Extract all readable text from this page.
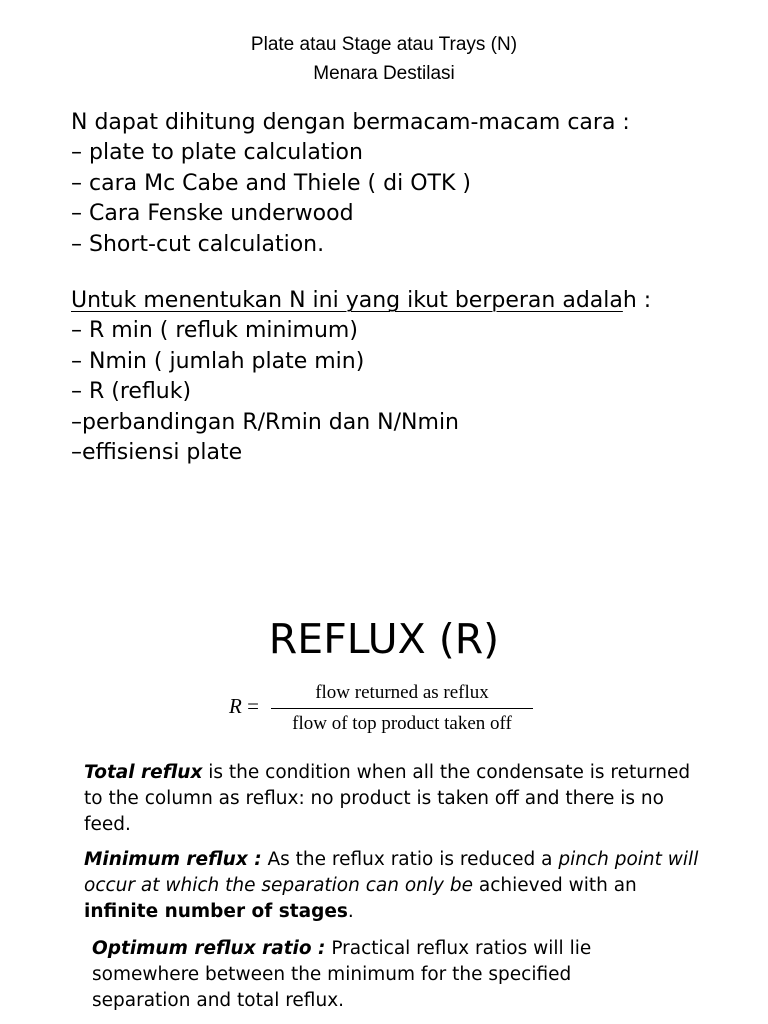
Plate atau Stage atau Trays (N)
Menara Destilasi
N dapat dihitung dengan bermacam-macam cara :
– plate to plate calculation
– cara Mc Cabe and Thiele ( di OTK )
– Cara Fenske underwood
– Short-cut calculation.
Untuk menentukan N ini yang ikut berperan adalah :
– R min ( refluk minimum)
– Nmin ( jumlah plate min)
– R (refluk)
–perbandingan R/Rmin dan N/Nmin
–effisiensi plate
REFLUX (R)
R =
flow returned as reflux
flow of top product taken off
Total reflux is the condition when all the condensate is returned to the column as reflux: no product is taken off and there is no feed.
Minimum reflux : As the reflux ratio is reduced a pinch point will occur at which the separation can only be achieved with an infinite number of stages.
Optimum reflux ratio : Practical reflux ratios will lie somewhere between the minimum for the specified separation and total reflux.
